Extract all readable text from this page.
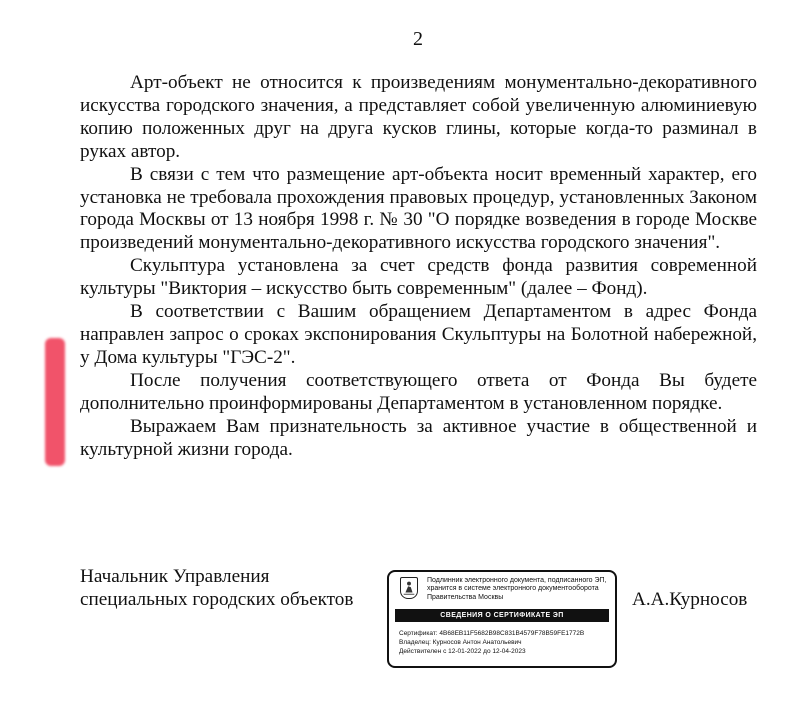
2

Арт-объект не относится к произведениям монументально-декоративного искусства городского значения, а представляет собой увеличенную алюминиевую копию положенных друг на друга кусков глины, которые когда-то разминал в руках автор.

В связи с тем что размещение арт-объекта носит временный характер, его установка не требовала прохождения правовых процедур, установленных Законом города Москвы от 13 ноября 1998 г. № 30 "О порядке возведения в городе Москве произведений монументально-декоративного искусства городского значения".

Скульптура установлена за счет средств фонда развития современной культуры "Виктория – искусство быть современным" (далее – Фонд).

В соответствии с Вашим обращением Департаментом в адрес Фонда направлен запрос о сроках экспонирования Скульптуры на Болотной набережной, у Дома культуры "ГЭС-2".

После получения соответствующего ответа от Фонда Вы будете дополнительно проинформированы Департаментом в установленном порядке.

Выражаем Вам признательность за активное участие в общественной и культурной жизни города.

Начальник Управления
специальных городских объектов
Подлинник электронного документа, подписанного ЭП,
хранится в системе электронного документооборота
Правительства Москвы
СВЕДЕНИЯ О СЕРТИФИКАТЕ ЭП
Сертификат: 4B68EB11F5682B98C831B4579F78B59FE1772B
Владелец: Курносов Антон Анатольевич
Действителен с 12-01-2022 до 12-04-2023
А.А.Курносов
